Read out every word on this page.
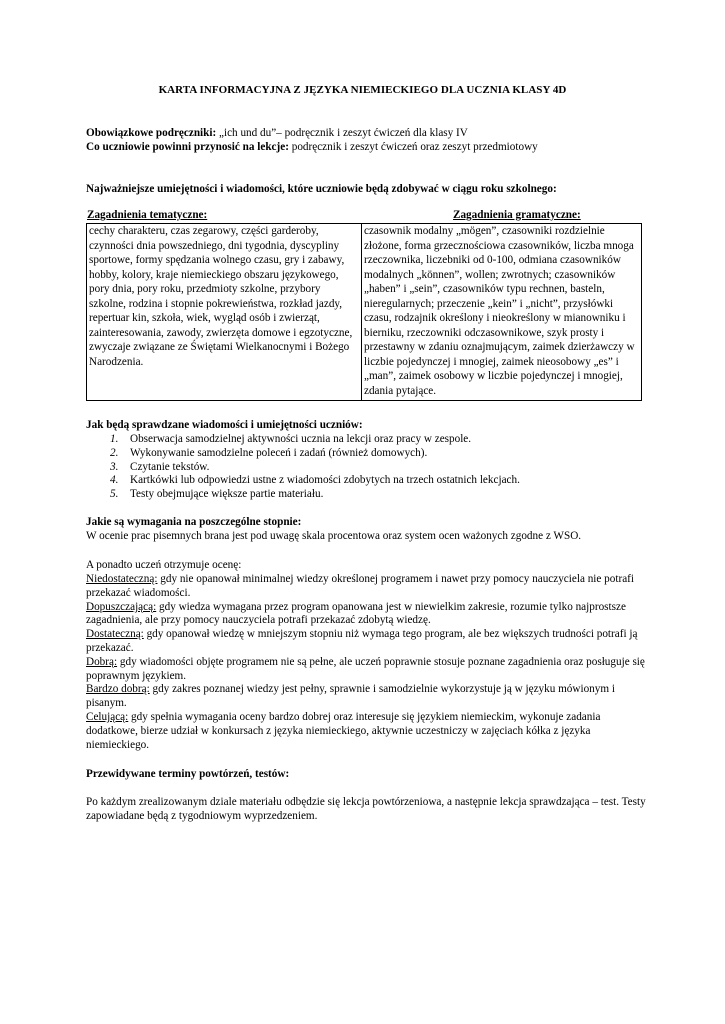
KARTA INFORMACYJNA Z JĘZYKA NIEMIECKIEGO DLA UCZNIA KLASY 4D
Obowiązkowe podręczniki: „ich und du”– podręcznik i zeszyt ćwiczeń dla klasy IV
Co uczniowie powinni przynosić na lekcje: podręcznik i zeszyt ćwiczeń oraz zeszyt przedmiotowy
Najważniejsze umiejętności i wiadomości, które uczniowie będą zdobywać w ciągu roku szkolnego:
Zagadnienia tematyczne:	Zagadnienia gramatyczne:
cechy charakteru, czas zegarowy, części garderoby, czynności dnia powszedniego, dni tygodnia, dyscypliny sportowe, formy spędzania wolnego czasu, gry i zabawy, hobby, kolory, kraje niemieckiego obszaru językowego, pory dnia, pory roku, przedmioty szkolne, przybory szkolne, rodzina i stopnie pokrewieństwa, rozkład jazdy, repertuar kin, szkoła, wiek, wygląd osób i zwierząt, zainteresowania, zawody, zwierzęta domowe i egzotyczne, zwyczaje związane ze Świętami Wielkanocnymi i Bożego Narodzenia.	czasownik modalny „mögen”, czasowniki rozdzielnie złożone, forma grzecznościowa czasowników, liczba mnoga rzeczownika, liczebniki od 0-100, odmiana czasowników modalnych „können”, wollen; zwrotnych; czasowników „haben” i „sein”, czasowników typu rechnen, basteln, nieregularnych; przeczenie „kein” i „nicht”, przysłówki czasu, rodzajnik określony i nieokreślony w mianowniku i bierniku, rzeczowniki odczasownikowe, szyk prosty i przestawny w zdaniu oznajmującym, zaimek dzierżawczy w liczbie pojedynczej i mnogiej, zaimek nieosobowy „es” i „man”, zaimek osobowy w liczbie pojedynczej i mnogiej, zdania pytające.
Jak będą sprawdzane wiadomości i umiejętności uczniów:
1. Obserwacja samodzielnej aktywności ucznia na lekcji oraz pracy w zespole.
2. Wykonywanie samodzielne poleceń i zadań (również domowych).
3. Czytanie tekstów.
4. Kartkówki lub odpowiedzi ustne z wiadomości zdobytych na trzech ostatnich lekcjach.
5. Testy obejmujące większe partie materiału.
Jakie są wymagania na poszczególne stopnie:
W ocenie prac pisemnych brana jest pod uwagę skala procentowa oraz system ocen ważonych zgodne z WSO.
A ponadto uczeń otrzymuje ocenę:

Niedostateczną: gdy nie opanował minimalnej wiedzy określonej programem i nawet przy pomocy nauczyciela nie potrafi przekazać wiadomości.

Dopuszczającą: gdy wiedza wymagana przez program opanowana jest w niewielkim zakresie, rozumie tylko najprostsze zagadnienia, ale przy pomocy nauczyciela potrafi przekazać zdobytą wiedzę.

Dostateczną: gdy opanował wiedzę w mniejszym stopniu niż wymaga tego program, ale bez większych trudności potrafi ją przekazać.

Dobrą: gdy wiadomości objęte programem nie są pełne, ale uczeń poprawnie stosuje poznane zagadnienia oraz posługuje się poprawnym językiem.

Bardzo dobrą: gdy zakres poznanej wiedzy jest pełny, sprawnie i samodzielnie wykorzystuje ją w języku mówionym i pisanym.

Celującą: gdy spełnia wymagania oceny bardzo dobrej oraz interesuje się językiem niemieckim, wykonuje zadania dodatkowe, bierze udział w konkursach z języka niemieckiego, aktywnie uczestniczy w zajęciach kółka z języka niemieckiego.

Przewidywane terminy powtórzeń, testów:
Po każdym zrealizowanym dziale materiału odbędzie się lekcja powtórzeniowa, a następnie lekcja sprawdzająca – test. Testy zapowiadane będą z tygodniowym wyprzedzeniem.
